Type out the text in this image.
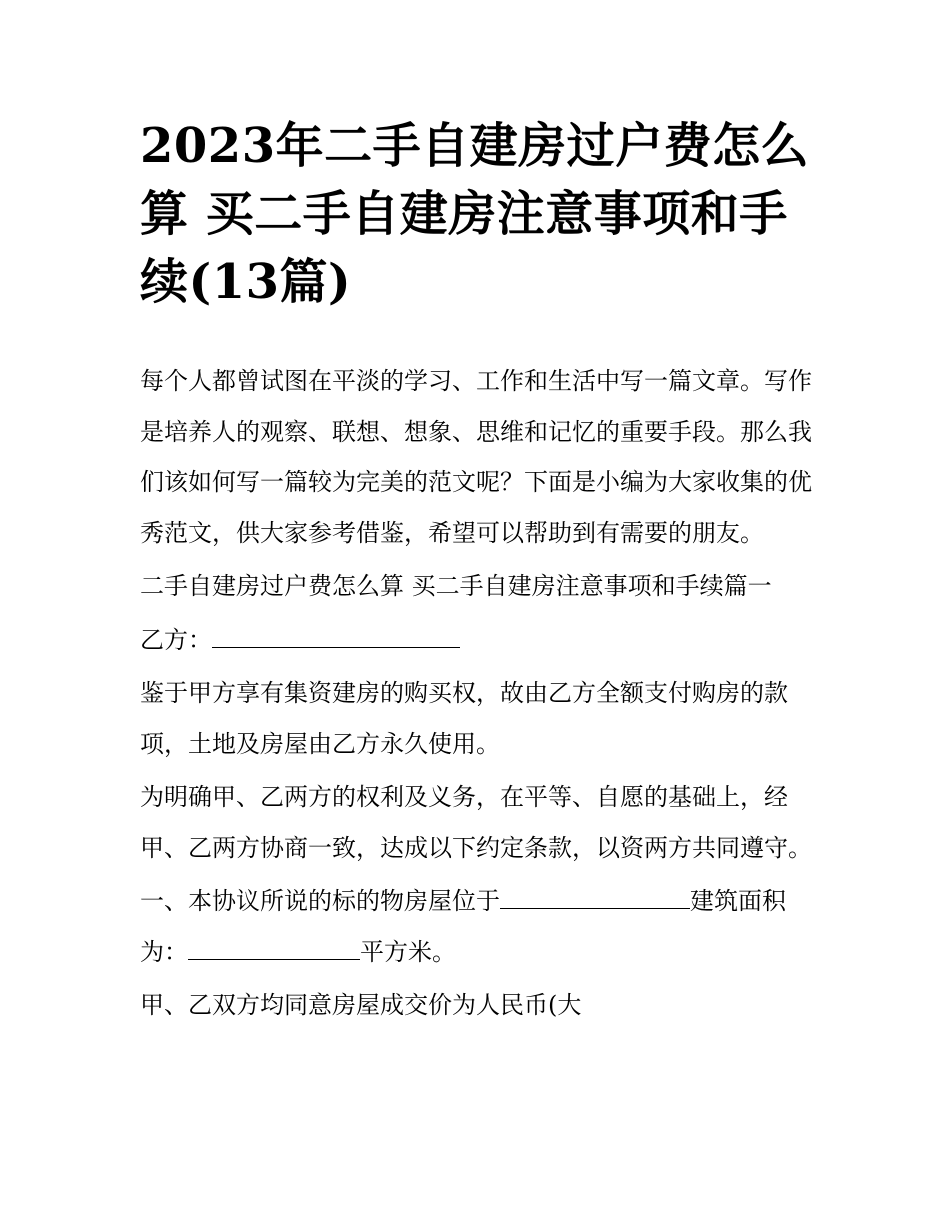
2023年二手自建房过户费怎么算 买二手自建房注意事项和手续(13篇)

每个人都曾试图在平淡的学习、工作和生活中写一篇文章。写作是培养人的观察、联想、想象、思维和记忆的重要手段。那么我们该如何写一篇较为完美的范文呢？下面是小编为大家收集的优秀范文，供大家参考借鉴，希望可以帮助到有需要的朋友。

二手自建房过户费怎么算 买二手自建房注意事项和手续篇一

乙方：

鉴于甲方享有集资建房的购买权，故由乙方全额支付购房的款项，土地及房屋由乙方永久使用。

为明确甲、乙两方的权利及义务，在平等、自愿的基础上，经甲、乙两方协商一致，达成以下约定条款，以资两方共同遵守。

一、本协议所说的标的物房屋位于	建筑面积为：	平方米。

甲、乙双方均同意房屋成交价为人民币(大
